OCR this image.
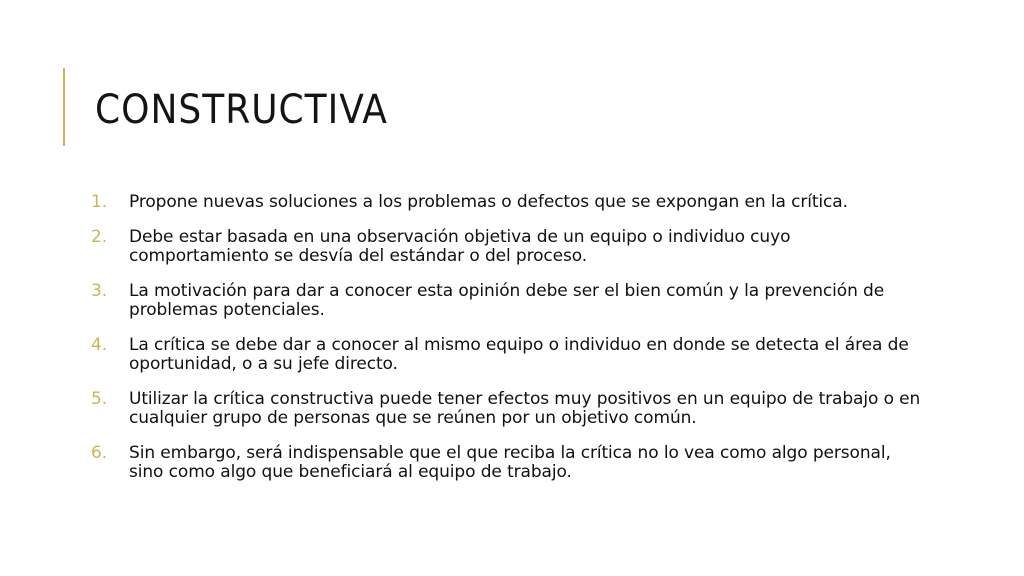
CONSTRUCTIVA
1. Propone nuevas soluciones a los problemas o defectos que se expongan en la crítica.
2. Debe estar basada en una observación objetiva de un equipo o individuo cuyo comportamiento se desvía del estándar o del proceso.
3. La motivación para dar a conocer esta opinión debe ser el bien común y la prevención de problemas potenciales.
4. La crítica se debe dar a conocer al mismo equipo o individuo en donde se detecta el área de oportunidad, o a su jefe directo.
5. Utilizar la crítica constructiva puede tener efectos muy positivos en un equipo de trabajo o en cualquier grupo de personas que se reúnen por un objetivo común.
6. Sin embargo, será indispensable que el que reciba la crítica no lo vea como algo personal, sino como algo que beneficiará al equipo de trabajo.
